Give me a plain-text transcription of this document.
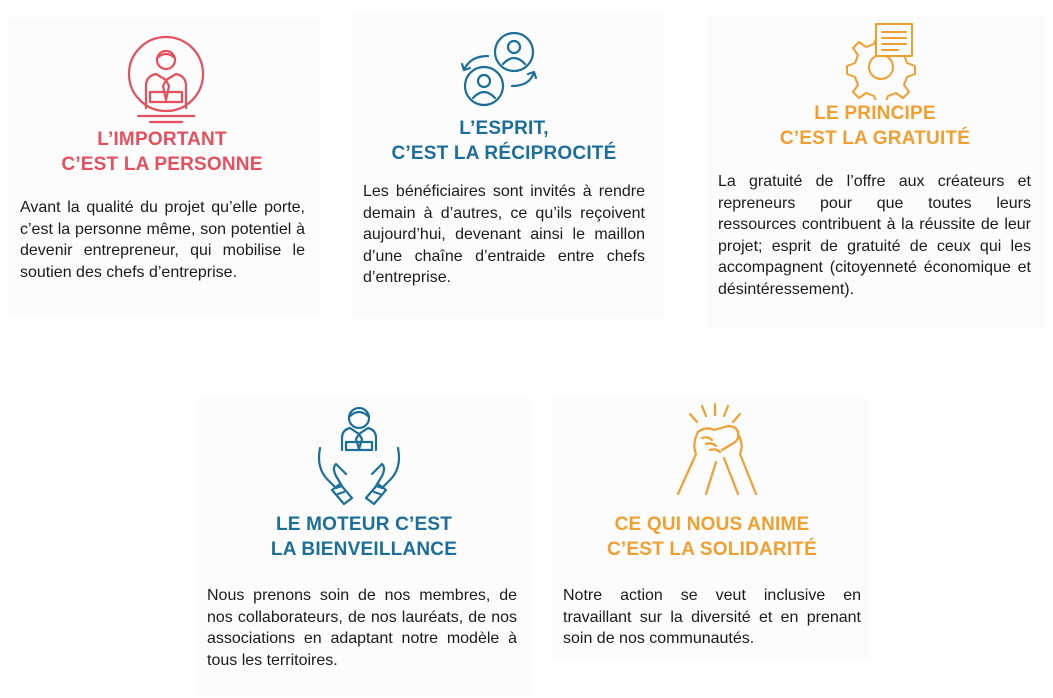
L’IMPORTANT
C’EST LA PERSONNE
Avant la qualité du projet qu’elle porte, c’est la personne même, son potentiel à devenir entrepreneur, qui mobilise le soutien des chefs d’entreprise.
L’ESPRIT,
C’EST LA RÉCIPROCITÉ
Les bénéficiaires sont invités à rendre demain à d’autres, ce qu’ils reçoivent aujourd’hui, devenant ainsi le maillon d’une chaîne d’entraide entre chefs d’entreprise.
LE PRINCIPE
C’EST LA GRATUITÉ
La gratuité de l’offre aux créateurs et repreneurs pour que toutes leurs ressources contribuent à la réussite de leur projet; esprit de gratuité de ceux qui les accompagnent (citoyenneté économique et désintéressement).
LE MOTEUR C’EST
LA BIENVEILLANCE
Nous prenons soin de nos membres, de nos collaborateurs, de nos lauréats, de nos associations en adaptant notre modèle à tous les territoires.
CE QUI NOUS ANIME
C’EST LA SOLIDARITÉ
Notre action se veut inclusive en travaillant sur la diversité et en prenant soin de nos communautés.
